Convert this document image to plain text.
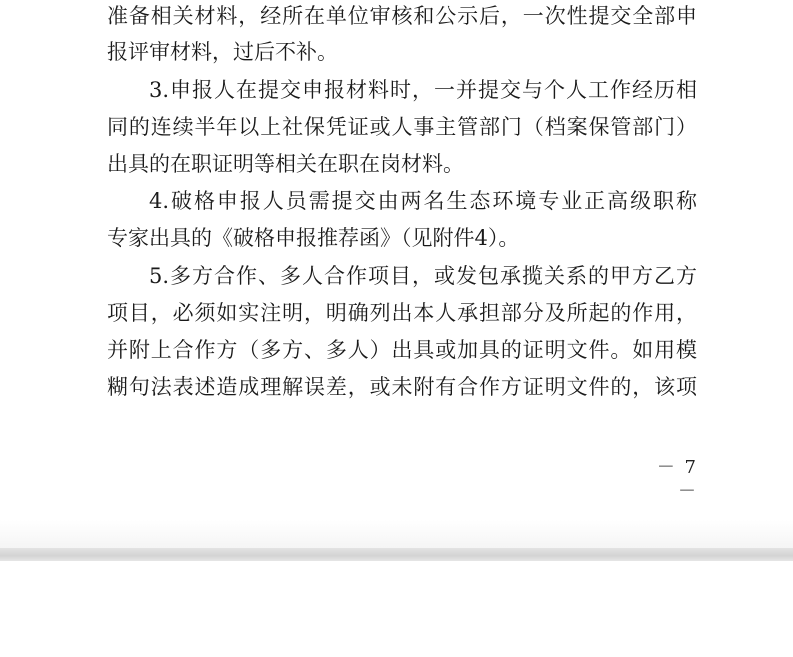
准备相关材料，经所在单位审核和公示后，一次性提交全部申
报评审材料，过后不补。
3.申报人在提交申报材料时，一并提交与个人工作经历相
同的连续半年以上社保凭证或人事主管部门（档案保管部门）
出具的在职证明等相关在职在岗材料。
4.破格申报人员需提交由两名生态环境专业正高级职称
专家出具的《破格申报推荐函》（见附件4）。
5.多方合作、多人合作项目，或发包承揽关系的甲方乙方
项目，必须如实注明，明确列出本人承担部分及所起的作用，
并附上合作方（多方、多人）出具或加具的证明文件。如用模
糊句法表述造成理解误差，或未附有合作方证明文件的，该项
－ 7 －
